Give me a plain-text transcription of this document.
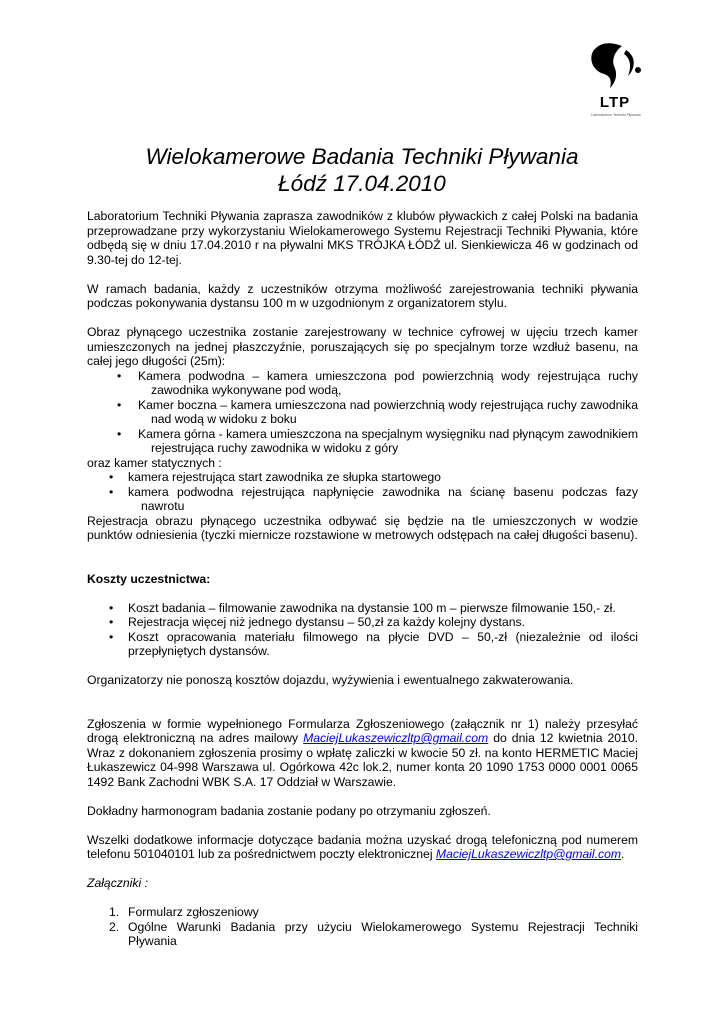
LTP
Laboratorium Techniki Pływania
Wielokamerowe Badania Techniki Pływania
Łódź 17.04.2010

Laboratorium Techniki Pływania zaprasza zawodników z klubów pływackich z całej Polski na badania przeprowadzane przy wykorzystaniu Wielokamerowego Systemu Rejestracji Techniki Pływania, które odbędą się w dniu 17.04.2010 r na pływalni MKS TRÓJKA ŁÓDŹ ul. Sienkiewicza 46 w godzinach od 9.30-tej do 12-tej.

W ramach badania, każdy z uczestników otrzyma możliwość zarejestrowania techniki pływania podczas pokonywania dystansu 100 m w uzgodnionym z organizatorem stylu.

Obraz płynącego uczestnika zostanie zarejestrowany w technice cyfrowej w ujęciu trzech kamer umieszczonych na jednej płaszczyźnie, poruszających się po specjalnym torze wzdłuż basenu, na całej jego długości (25m):

• Kamera podwodna – kamera umieszczona pod powierzchnią wody rejestrująca ruchy zawodnika wykonywane pod wodą,
• Kamer boczna – kamera umieszczona nad powierzchnią wody rejestrująca ruchy zawodnika nad wodą w widoku z boku
• Kamera górna - kamera umieszczona na specjalnym wysięgniku nad płynącym zawodnikiem rejestrująca ruchy zawodnika w widoku z góry

oraz kamer statycznych :

• kamera rejestrująca start zawodnika ze słupka startowego
• kamera podwodna rejestrująca napłynięcie zawodnika na ścianę basenu podczas fazy nawrotu

Rejestracja obrazu płynącego uczestnika odbywać się będzie na tle umieszczonych w wodzie punktów odniesienia (tyczki miernicze rozstawione w metrowych odstępach na całej długości basenu).

Koszty uczestnictwa:

• Koszt badania – filmowanie zawodnika na dystansie 100 m – pierwsze filmowanie 150,- zł.
• Rejestracja więcej niż jednego dystansu – 50,zł za każdy kolejny dystans.
• Koszt opracowania materiału filmowego na płycie DVD – 50,-zł (niezależnie od ilości przepłyniętych dystansów.

Organizatorzy nie ponoszą kosztów dojazdu, wyżywienia i ewentualnego zakwaterowania.

Zgłoszenia w formie wypełnionego Formularza Zgłoszeniowego (załącznik nr 1) należy przesyłać drogą elektroniczną na adres mailowy MaciejLukaszewiczltp@gmail.com do dnia 12 kwietnia 2010. Wraz z dokonaniem zgłoszenia prosimy o wpłatę zaliczki w kwocie 50 zł. na konto HERMETIC Maciej Łukaszewicz 04-998 Warszawa ul. Ogórkowa 42c lok.2, numer konta 20 1090 1753 0000 0001 0065 1492 Bank Zachodni WBK S.A. 17 Oddział w Warszawie.

Dokładny harmonogram badania zostanie podany po otrzymaniu zgłoszeń.

Wszelki dodatkowe informacje dotyczące badania można uzyskać drogą telefoniczną pod numerem telefonu 501040101 lub za pośrednictwem poczty elektronicznej MaciejLukaszewiczltp@gmail.com.

Załączniki :

1. Formularz zgłoszeniowy
2. Ogólne Warunki Badania przy użyciu Wielokamerowego Systemu Rejestracji Techniki Pływania
